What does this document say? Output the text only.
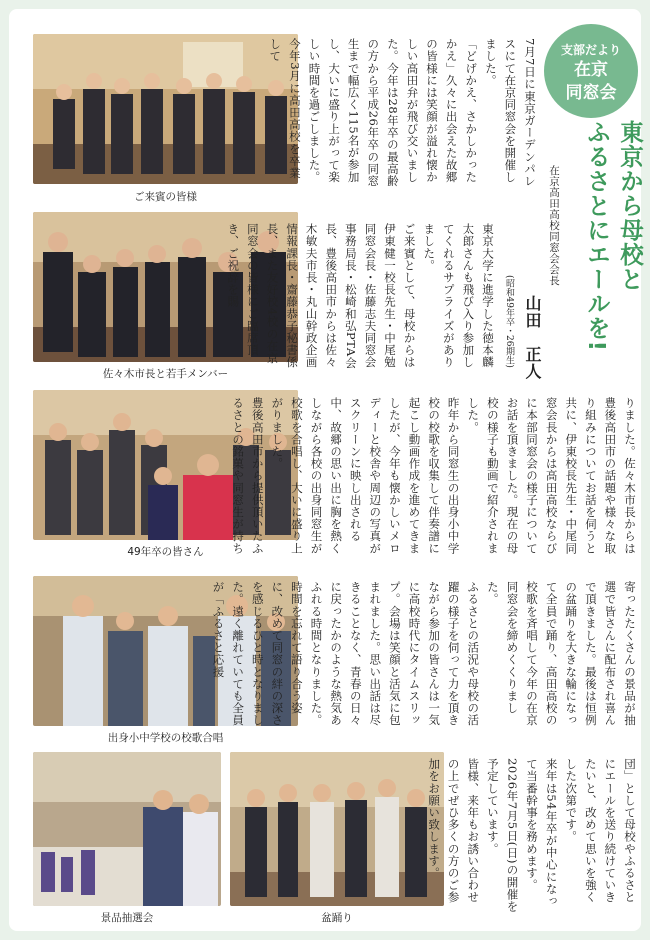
ご来賓の皆様
佐々木市長と若手メンバー
49年卒の皆さん
出身小中学校の校歌合唱
景品抽選会	盆踊り
支部だより
在京
同窓会
東京から母校と
ふるさとにエールを!
在京高田高校同窓会会長
山田　正人
(昭和49年卒・26期生)
7月7日に東京ガーデンパレスにて在京同窓会を開催しました。
「どげかえ、さかしかったかえ」久々に出会えた故郷の皆様には笑顔が溢れ懐かしい高田弁が飛び交いました。今年は28年卒の最高齢の方から平成26年卒の同窓生まで幅広く115名が参加し、大いに盛り上がって楽しい時間を過ごしました。今年3月に高田高校を卒業して
東京大学に進学した徳本麟太郎さんも飛び入り参加してくれるサプライズがありました。
ご来賓として、母校からは伊東健一校長先生・中尾勉同窓会長・佐藤志夫同窓会事務局長・松崎和弘PTA会長、豊後高田市からは佐々木敏夫市長・丸山幹政企画情報課長・齋藤恭子秘書係長、また友好校4校の在京同窓会の皆様にご臨席頂き、ご祝辞を賜
りました。佐々木市長からは豊後高田市の話題や様々な取り組みについてお話を伺うと共に、伊東校長先生・中尾同窓会長からは高田高校ならびに本部同窓会の様子についてお話を頂きました。現在の母校の様子も動画で紹介されました。
昨年から同窓生の出身小中学校の校歌を収集して伴奏譜に起こし動画作成を進めてきましたが、今年も懐かしいメロディーと校舎や周辺の写真がスクリーンに映し出される中、故郷の思い出に胸を熱くしながら各校の出身同窓生が校歌を合唱し、大いに盛り上がりました。
豊後高田市から提供頂いたふるさとの銘菓や同窓生が持ち
寄ったたくさんの景品が抽選で皆さんに配布され喜んで頂きました。最後は恒例の盆踊りを大きな輪になって全員で踊り、高田高校の校歌を斉唱して今年の在京同窓会を締めくくりました。
ふるさとの活況や母校の活躍の様子を伺って力を頂きながら参加の皆さんは一気に高校時代にタイムスリップ。会場は笑顔と活気に包まれました。思い出話は尽きることなく、青春の日々に戻ったかのような熱気あふれる時間となりました。時間を忘れて語り合う姿に、改めて同窓の絆の深さを感じるひと時となりました。遠く離れていても全員が「ふるさと応援
団」として母校やふるさとにエールを送り続けていきたいと、改めて思いを強くした次第です。
来年は54年卒が中心になって当番幹事を務めます。2026年7月5日(日)の開催を予定しています。
皆様、来年もお誘い合わせの上でぜひ多くの方のご参加をお願い致します。
